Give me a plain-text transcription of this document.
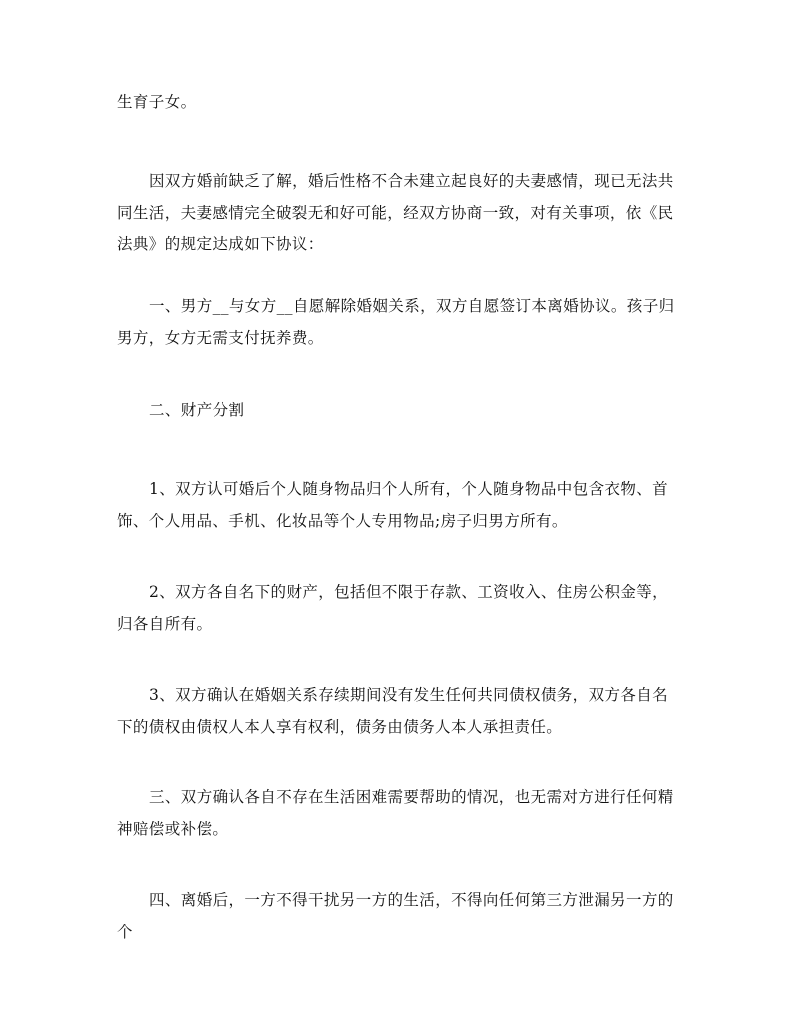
生育子女。

因双方婚前缺乏了解，婚后性格不合未建立起良好的夫妻感情，现已无法共同生活，夫妻感情完全破裂无和好可能，经双方协商一致，对有关事项，依《民法典》的规定达成如下协议：

一、男方__与女方__自愿解除婚姻关系，双方自愿签订本离婚协议。孩子归男方，女方无需支付抚养费。

二、财产分割

1、双方认可婚后个人随身物品归个人所有，个人随身物品中包含衣物、首饰、个人用品、手机、化妆品等个人专用物品;房子归男方所有。

2、双方各自名下的财产，包括但不限于存款、工资收入、住房公积金等，归各自所有。

3、双方确认在婚姻关系存续期间没有发生任何共同债权债务，双方各自名下的债权由债权人本人享有权利，债务由债务人本人承担责任。

三、双方确认各自不存在生活困难需要帮助的情况，也无需对方进行任何精神赔偿或补偿。

四、离婚后，一方不得干扰另一方的生活，不得向任何第三方泄漏另一方的个
